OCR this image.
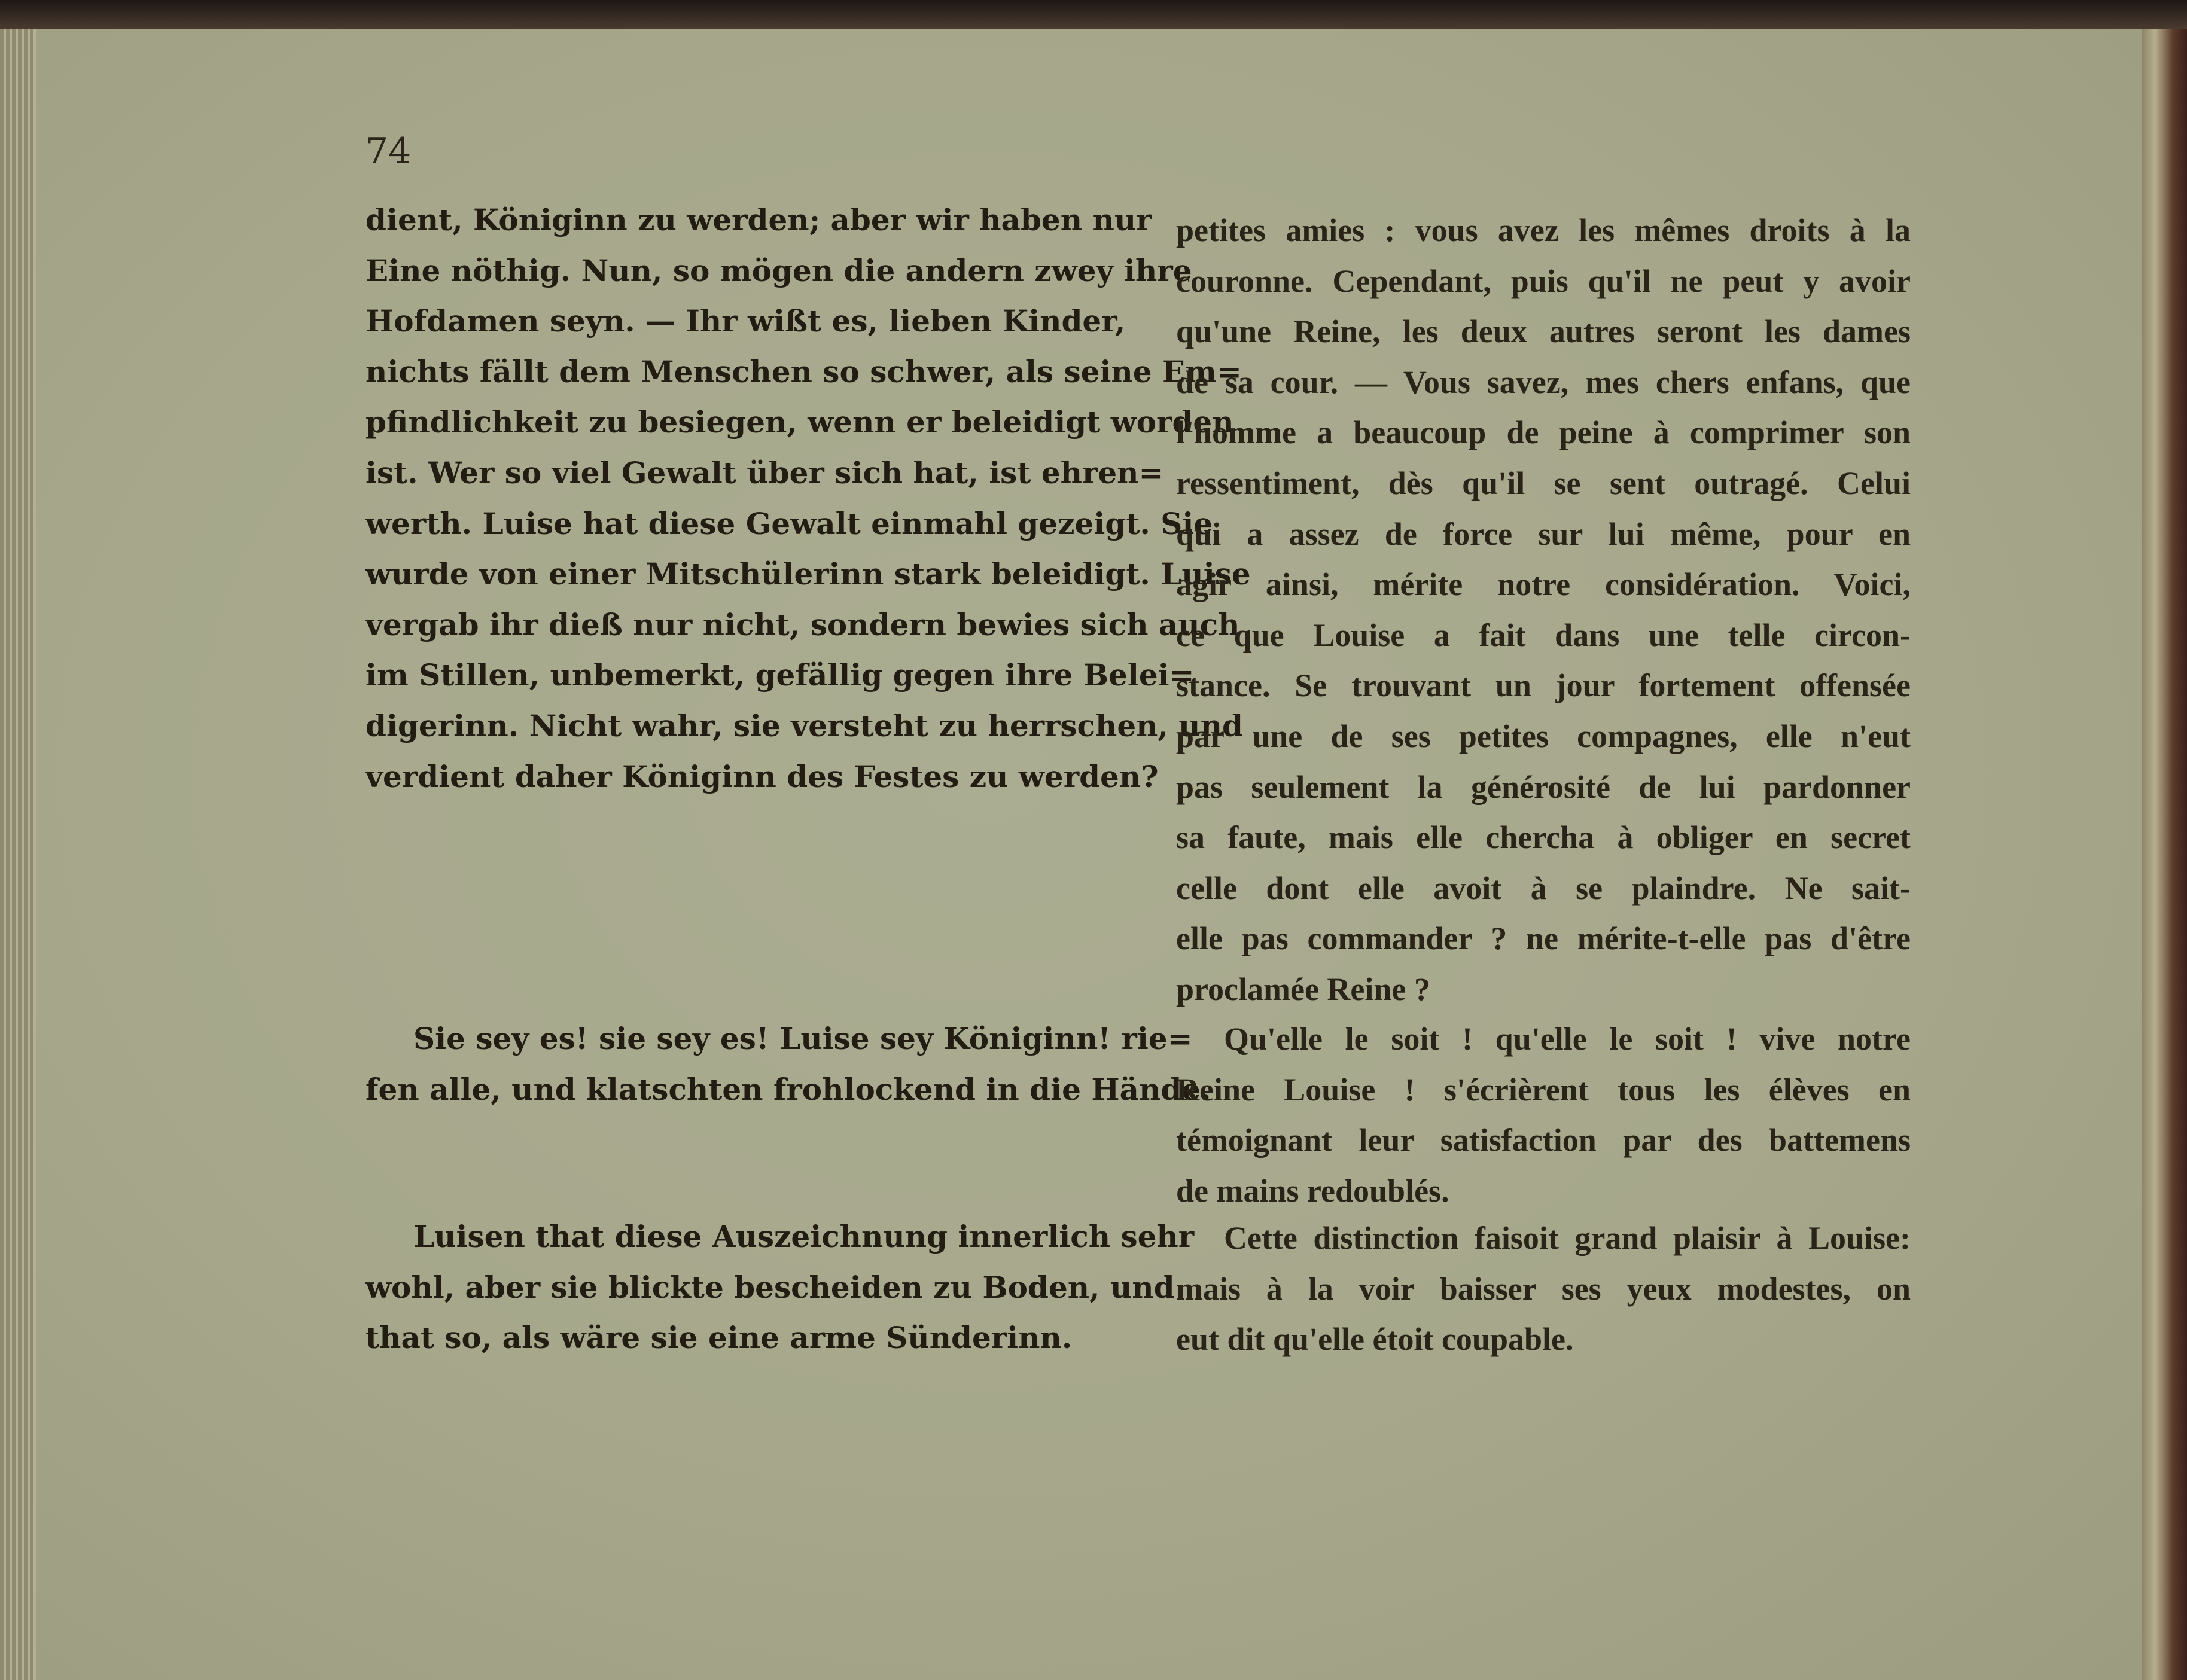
74
dient, Königinn zu werden; aber wir haben nur
Eine nöthig. Nun, so mögen die andern zwey ihre
Hofdamen seyn. — Ihr wißt es, lieben Kinder,
nichts fällt dem Menschen so schwer, als seine Em=
pfindlichkeit zu besiegen, wenn er beleidigt worden
ist. Wer so viel Gewalt über sich hat, ist ehren=
werth. Luise hat diese Gewalt einmahl gezeigt. Sie
wurde von einer Mitschülerinn stark beleidigt. Luise
vergab ihr dieß nur nicht, sondern bewies sich auch
im Stillen, unbemerkt, gefällig gegen ihre Belei=
digerinn. Nicht wahr, sie versteht zu herrschen, und
verdient daher Königinn des Festes zu werden?
Sie sey es! sie sey es! Luise sey Königinn! rie=
fen alle, und klatschten frohlockend in die Hände.
Luisen that diese Auszeichnung innerlich sehr
wohl, aber sie blickte bescheiden zu Boden, und
that so, als wäre sie eine arme Sünderinn.
petites amies : vous avez les mêmes droits à la
couronne. Cependant, puis qu'il ne peut y avoir
qu'une Reine, les deux autres seront les dames
de sa cour. — Vous savez, mes chers enfans, que
l'homme a beaucoup de peine à comprimer son
ressentiment, dès qu'il se sent outragé. Celui
qui a assez de force sur lui même, pour en
agir ainsi, mérite notre considération. Voici,
ce que Louise a fait dans une telle circon-
stance. Se trouvant un jour fortement offensée
par une de ses petites compagnes, elle n'eut
pas seulement la générosité de lui pardonner
sa faute, mais elle chercha à obliger en secret
celle dont elle avoit à se plaindre. Ne sait-
elle pas commander ? ne mérite-t-elle pas d'être
proclamée Reine ?
Qu'elle le soit ! qu'elle le soit ! vive notre
Reine Louise ! s'écrièrent tous les élèves en
témoignant leur satisfaction par des battemens
de mains redoublés.
Cette distinction faisoit grand plaisir à Louise:
mais à la voir baisser ses yeux modestes, on
eut dit qu'elle étoit coupable.
